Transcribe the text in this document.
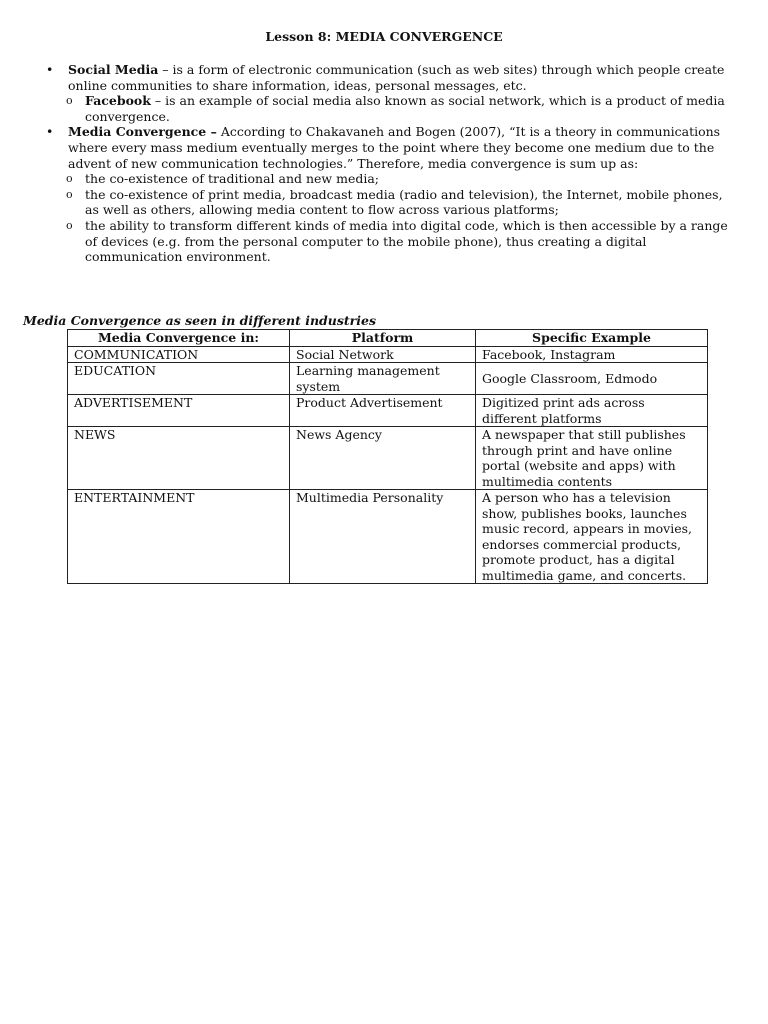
Lesson 8: MEDIA CONVERGENCE
• Social Media – is a form of electronic communication (such as web sites) through which people create online communities to share information, ideas, personal messages, etc.
o Facebook – is an example of social media also known as social network, which is a product of media convergence.
• Media Convergence – According to Chakavaneh and Bogen (2007), “It is a theory in communications where every mass medium eventually merges to the point where they become one medium due to the advent of new communication technologies.” Therefore, media convergence is sum up as:
o the co-existence of traditional and new media;
o the co-existence of print media, broadcast media (radio and television), the Internet, mobile phones, as well as others, allowing media content to flow across various platforms;
o the ability to transform different kinds of media into digital code, which is then accessible by a range of devices (e.g. from the personal computer to the mobile phone), thus creating a digital communication environment.
Media Convergence as seen in different industries
Media Convergence in:	Platform	Specific Example
COMMUNICATION	Social Network	Facebook, Instagram
EDUCATION	Learning management system	Google Classroom, Edmodo
ADVERTISEMENT	Product Advertisement	Digitized print ads across different platforms
NEWS	News Agency	A newspaper that still publishes through print and have online portal (website and apps) with multimedia contents
ENTERTAINMENT	Multimedia Personality	A person who has a television show, publishes books, launches music record, appears in movies, endorses commercial products, promote product, has a digital multimedia game, and concerts.
